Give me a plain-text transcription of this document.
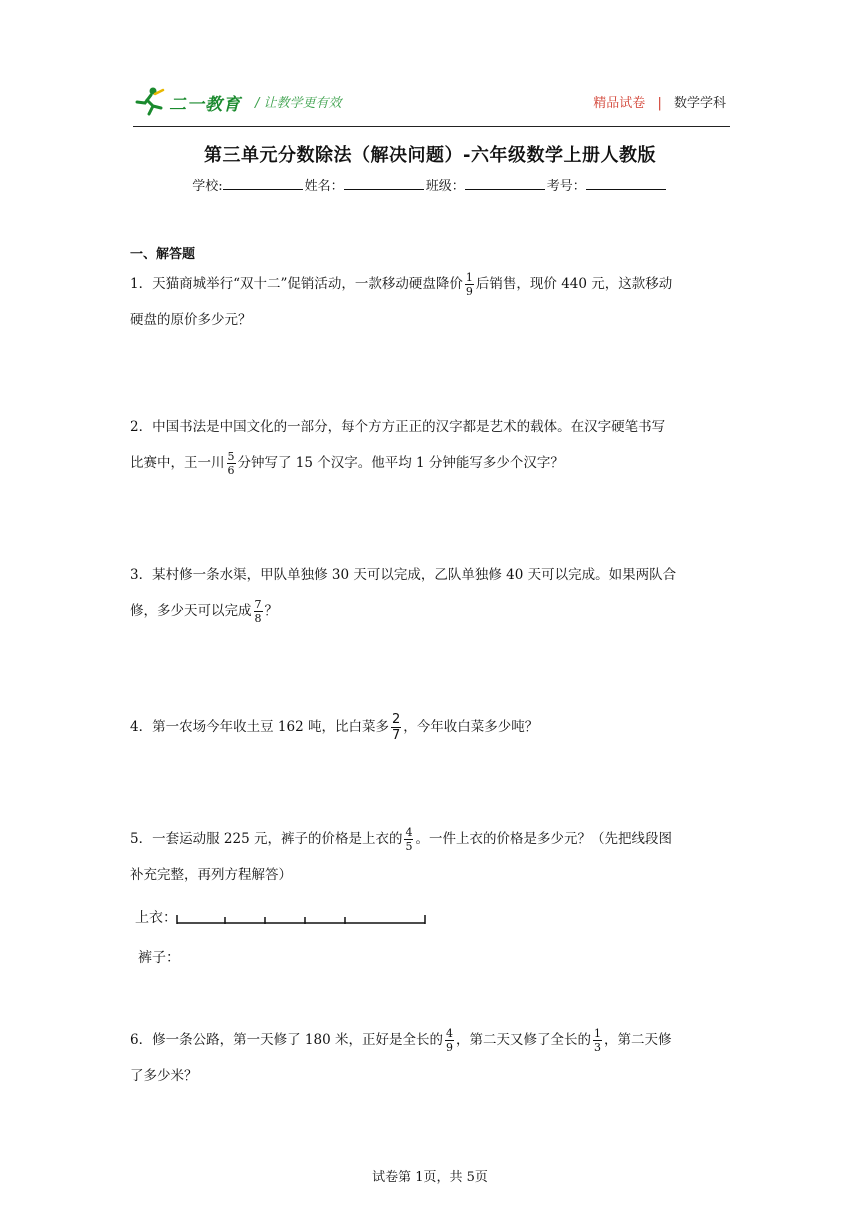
二一教育 / 让教学更有效	精品试卷 | 数学学科
第三单元分数除法（解决问题）-六年级数学上册人教版
学校:	姓名：	班级：	考号：
一、解答题
1．天猫商城举行“双十二”促销活动，一款移动硬盘降价 $\frac{1}{9}$ 后销售，现价 440 元，这款移动
硬盘的原价多少元？
2．中国书法是中国文化的一部分，每个方方正正的汉字都是艺术的载体。在汉字硬笔书写
比赛中，王一川 $\frac{5}{6}$ 分钟写了 15 个汉字。他平均 1 分钟能写多少个汉字？
3．某村修一条水渠，甲队单独修 30 天可以完成，乙队单独修 40 天可以完成。如果两队合
修，多少天可以完成 $\frac{7}{8}$ ？
4．第一农场今年收土豆 162 吨，比白菜多 $\frac{2}{7}$ ，今年收白菜多少吨？
5．一套运动服 225 元，裤子的价格是上衣的 $\frac{4}{5}$ 。一件上衣的价格是多少元？（先把线段图
补充完整，再列方程解答）
上衣：
裤子：
6．修一条公路，第一天修了 180 米，正好是全长的 $\frac{4}{9}$ ，第二天又修了全长的 $\frac{1}{3}$ ，第二天修
了多少米？
试卷第 1页，共 5页
